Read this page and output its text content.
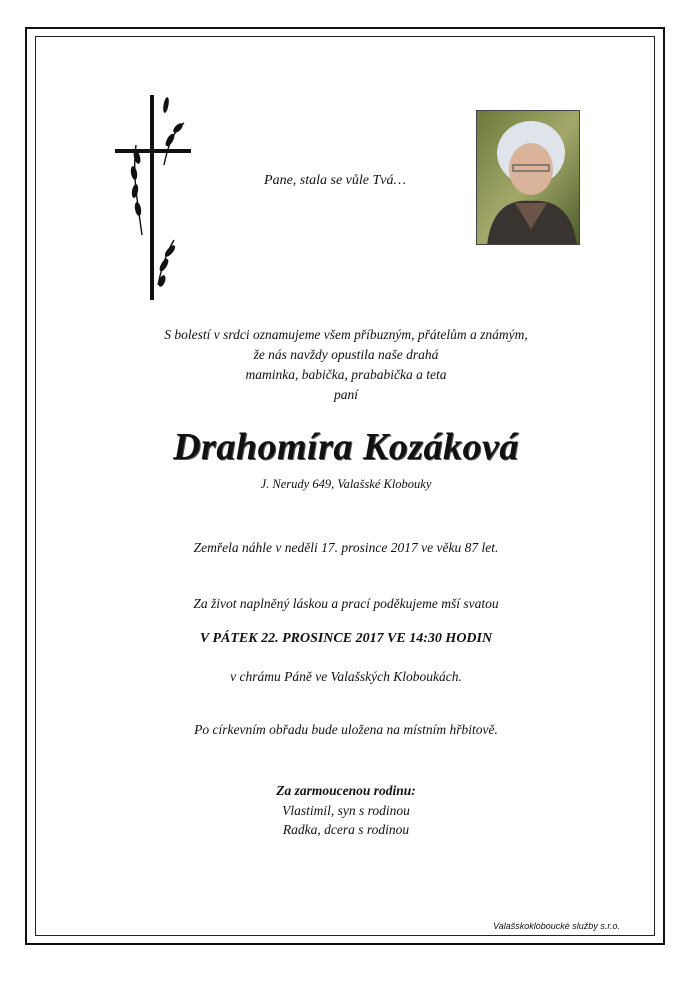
Pane, stala se vůle Tvá…
S bolestí v srdci oznamujeme všem příbuzným, přátelům a známým,
že nás navždy opustila naše drahá
maminka, babička, prababička a teta
paní
Drahomíra Kozáková
J. Nerudy 649, Valašské Klobouky
Zemřela náhle v neděli 17. prosince 2017 ve věku 87 let.
Za život naplněný láskou a prací poděkujeme mší svatou
V PÁTEK 22. PROSINCE 2017 VE 14:30 HODIN
v chrámu Páně ve Valašských Kloboukách.
Po církevním obřadu bude uložena na místním hřbitově.
Za zarmoucenou rodinu:
Vlastimil, syn s rodinou
Radka, dcera s rodinou
Valašskoklobouckė služby s.r.o.
